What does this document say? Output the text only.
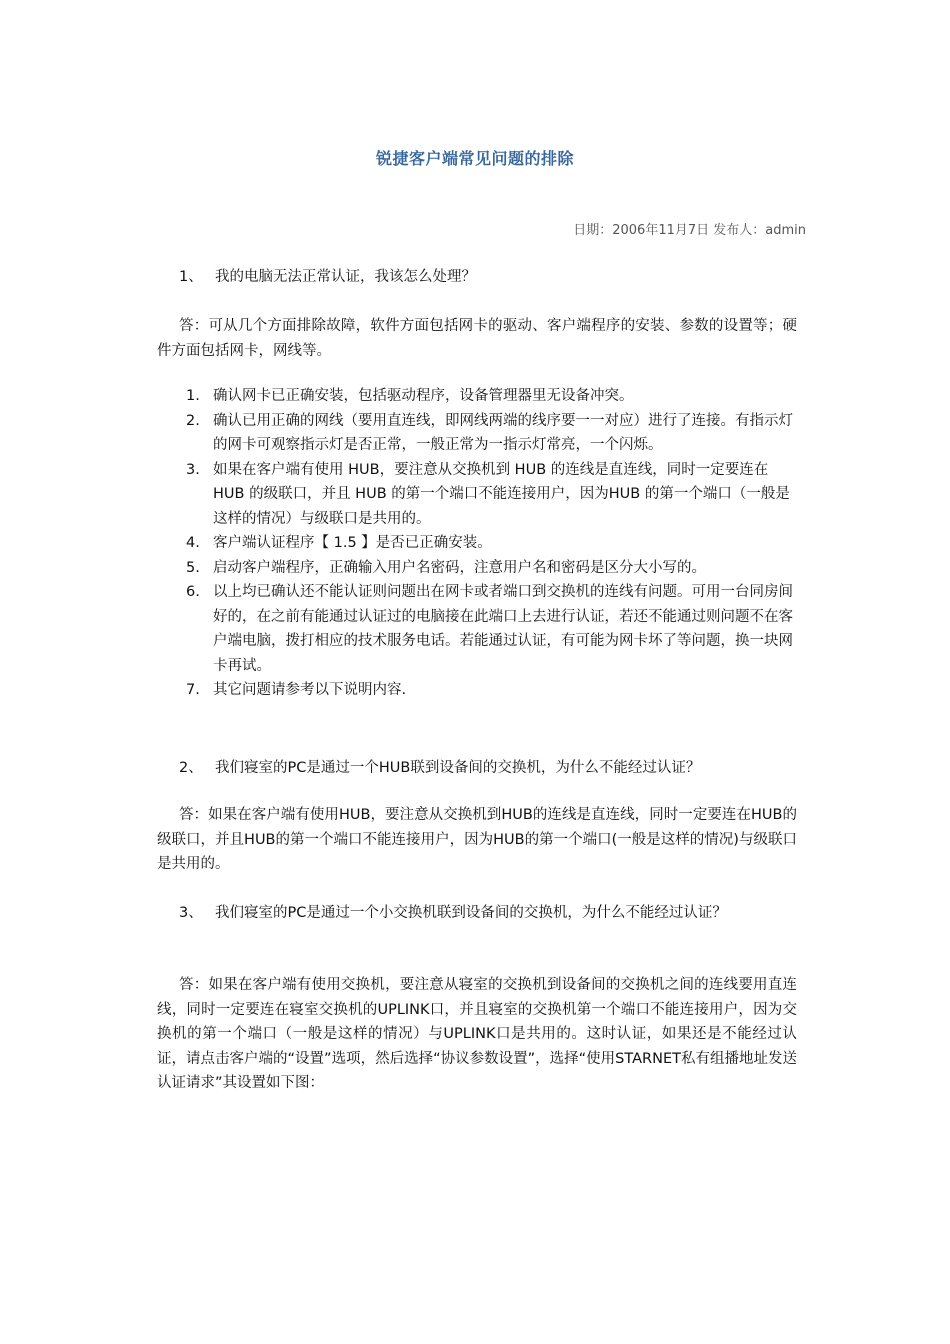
锐捷客户端常见问题的排除
日期：2006年11月7日 发布人：admin
1、 我的电脑无法正常认证，我该怎么处理？
答：可从几个方面排除故障，软件方面包括网卡的驱动、客户端程序的安装、参数的设置等；硬件方面包括网卡，网线等。
1. 确认网卡已正确安装，包括驱动程序，设备管理器里无设备冲突。
2. 确认已用正确的网线（要用直连线，即网线两端的线序要一一对应）进行了连接。有指示灯的网卡可观察指示灯是否正常，一般正常为一指示灯常亮，一个闪烁。
3. 如果在客户端有使用 HUB，要注意从交换机到 HUB 的连线是直连线，同时一定要连在 HUB 的级联口，并且 HUB 的第一个端口不能连接用户，因为HUB 的第一个端口（一般是这样的情况）与级联口是共用的。
4. 客户端认证程序【 1.5 】是否已正确安装。
5. 启动客户端程序，正确输入用户名密码，注意用户名和密码是区分大小写的。
6. 以上均已确认还不能认证则问题出在网卡或者端口到交换机的连线有问题。可用一台同房间好的，在之前有能通过认证过的电脑接在此端口上去进行认证，若还不能通过则问题不在客户端电脑，拨打相应的技术服务电话。若能通过认证，有可能为网卡坏了等问题，换一块网卡再试。
7. 其它问题请参考以下说明内容.
2、 我们寝室的PC是通过一个HUB联到设备间的交换机，为什么不能经过认证？
答：如果在客户端有使用HUB，要注意从交换机到HUB的连线是直连线，同时一定要连在HUB的级联口，并且HUB的第一个端口不能连接用户，因为HUB的第一个端口(一般是这样的情况)与级联口是共用的。
3、 我们寝室的PC是通过一个小交换机联到设备间的交换机，为什么不能经过认证？
答：如果在客户端有使用交换机，要注意从寝室的交换机到设备间的交换机之间的连线要用直连线，同时一定要连在寝室交换机的UPLINK口，并且寝室的交换机第一个端口不能连接用户，因为交换机的第一个端口（一般是这样的情况）与UPLINK口是共用的。这时认证，如果还是不能经过认证，请点击客户端的“设置”选项，然后选择“协议参数设置”，选择“使用STARNET私有组播地址发送认证请求”其设置如下图：
